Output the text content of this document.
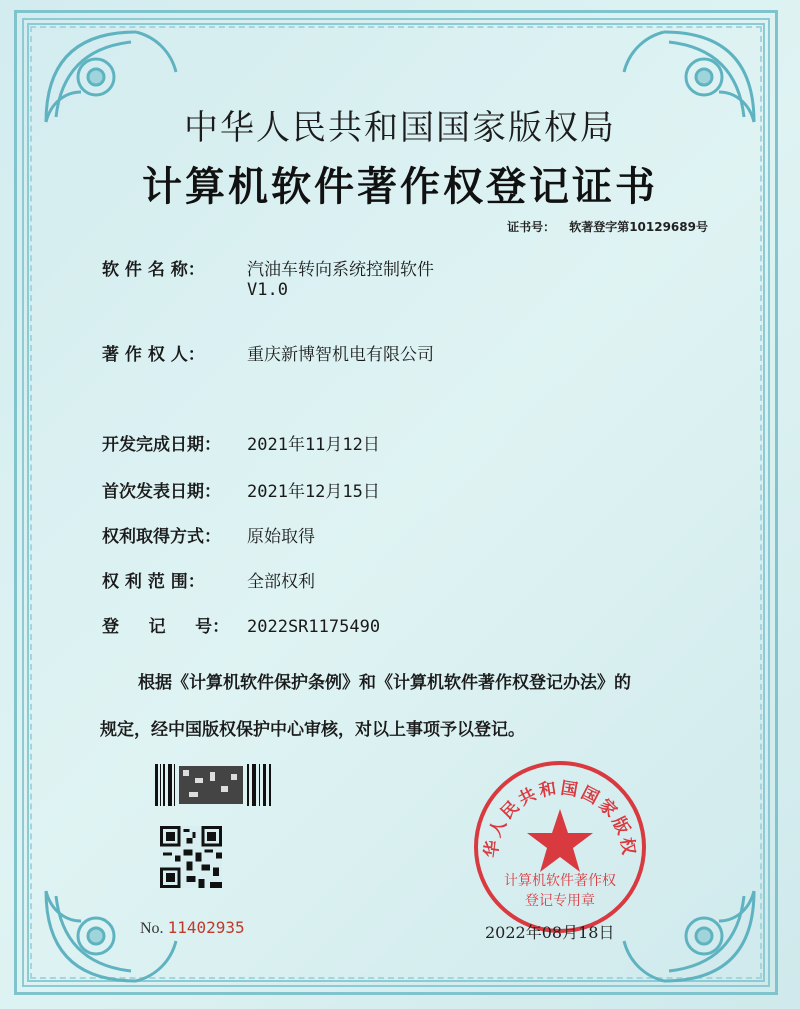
中华人民共和国国家版权局
计算机软件著作权登记证书
证书号： 软著登字第10129689号
软 件 名 称： 汽油车转向系统控制软件
V1.0
著 作 权 人： 重庆新博智机电有限公司
开发完成日期： 2021年11月12日
首次发表日期： 2021年12月15日
权利取得方式： 原始取得
权 利 范 围： 全部权利
登     记     号： 2022SR1175490
根据《计算机软件保护条例》和《计算机软件著作权登记办法》的
规定，经中国版权保护中心审核，对以上事项予以登记。
No. 11402935
华人民共和国国家版权
计算机软件著作权
登记专用章
2022年08月18日
